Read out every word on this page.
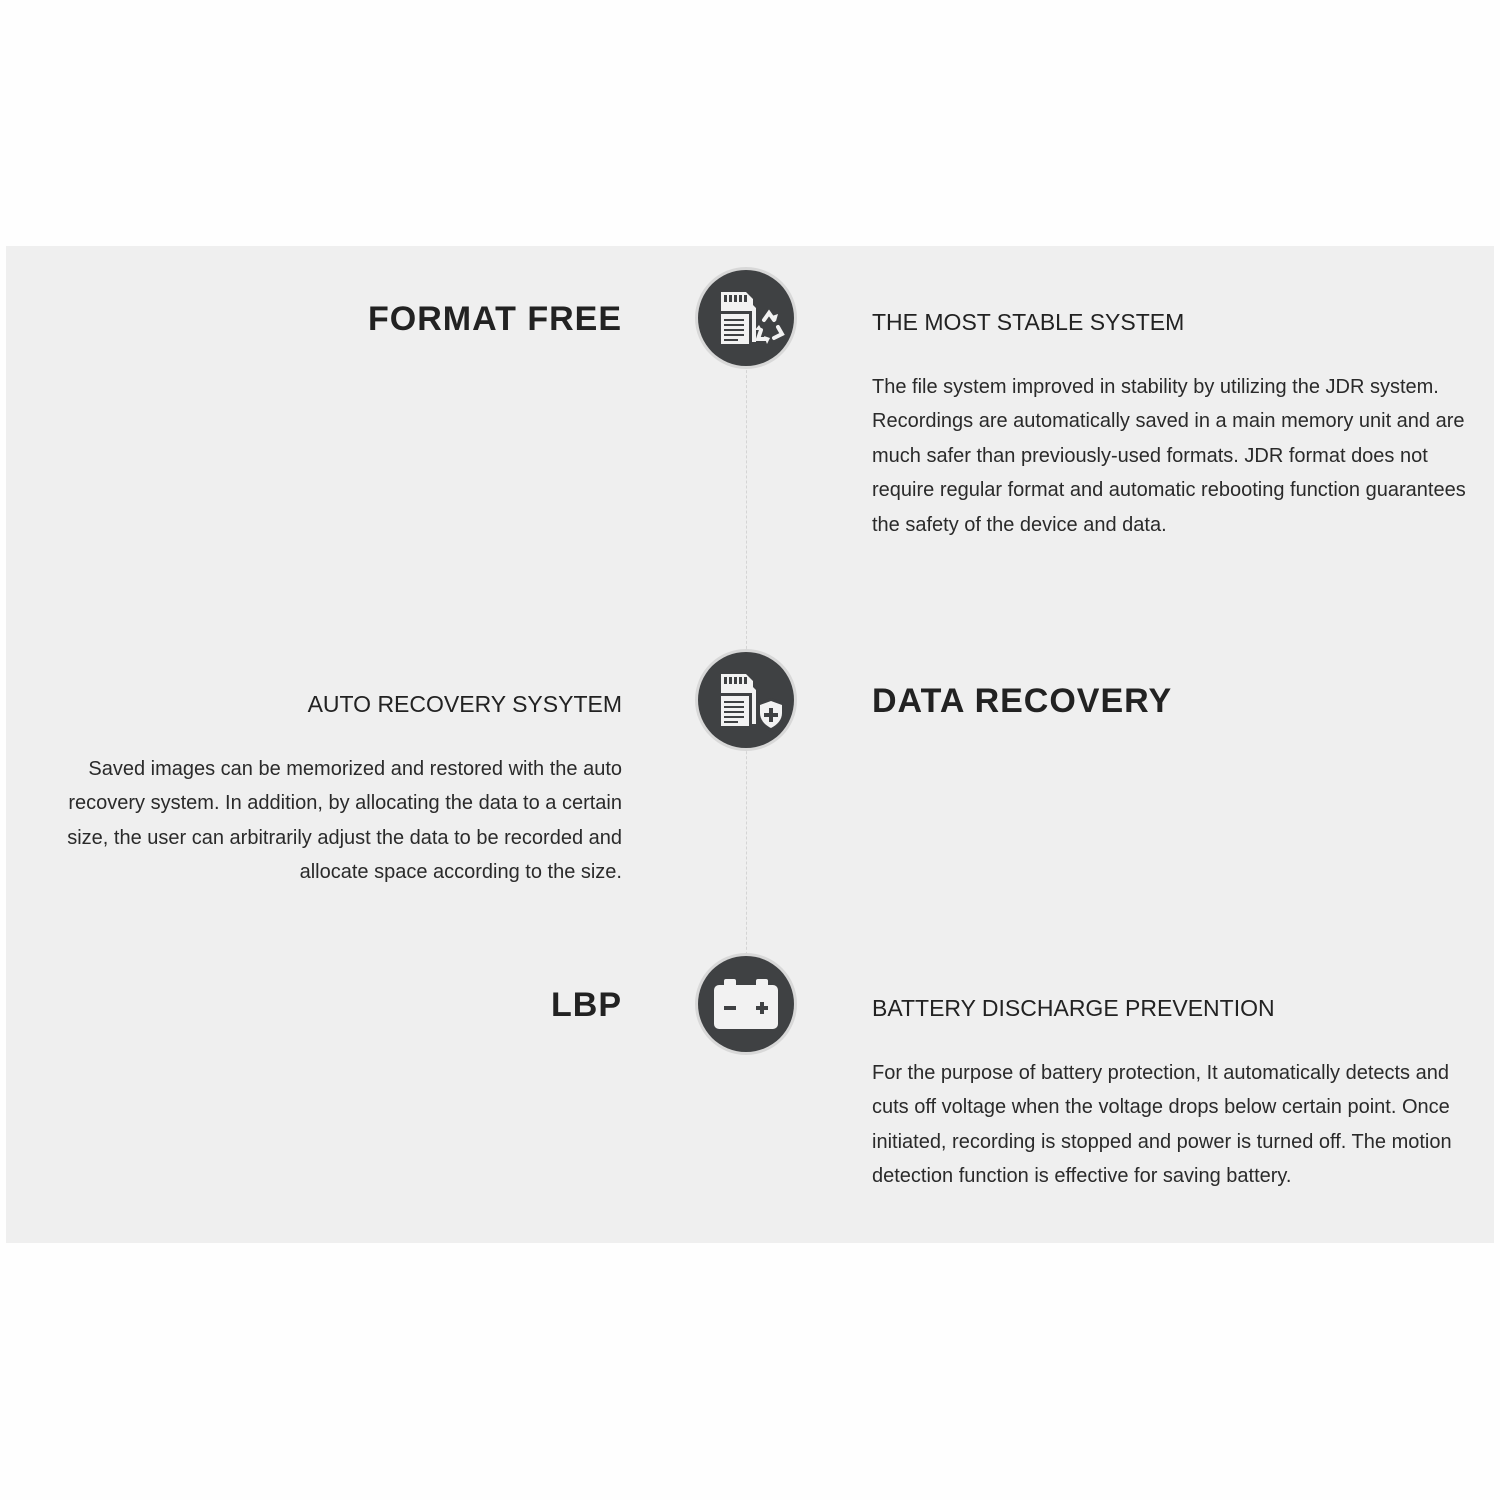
FORMAT FREE	THE MOST STABLE SYSTEM

The file system improved in stability by utilizing the JDR system. Recordings are automatically saved in a main memory unit and are much safer than previously-used formats. JDR format does not require regular format and automatic rebooting function guarantees the safety of the device and data.

AUTO RECOVERY SYSYTEM

Saved images can be memorized and restored with the auto recovery system. In addition, by allocating the data to a certain size, the user can arbitrarily adjust the data to be recorded and allocate space according to the size.

DATA RECOVERY
LBP	BATTERY DISCHARGE PREVENTION

For the purpose of battery protection, It automatically detects and cuts off voltage when the voltage drops below certain point. Once initiated, recording is stopped and power is turned off. The motion detection function is effective for saving battery.
